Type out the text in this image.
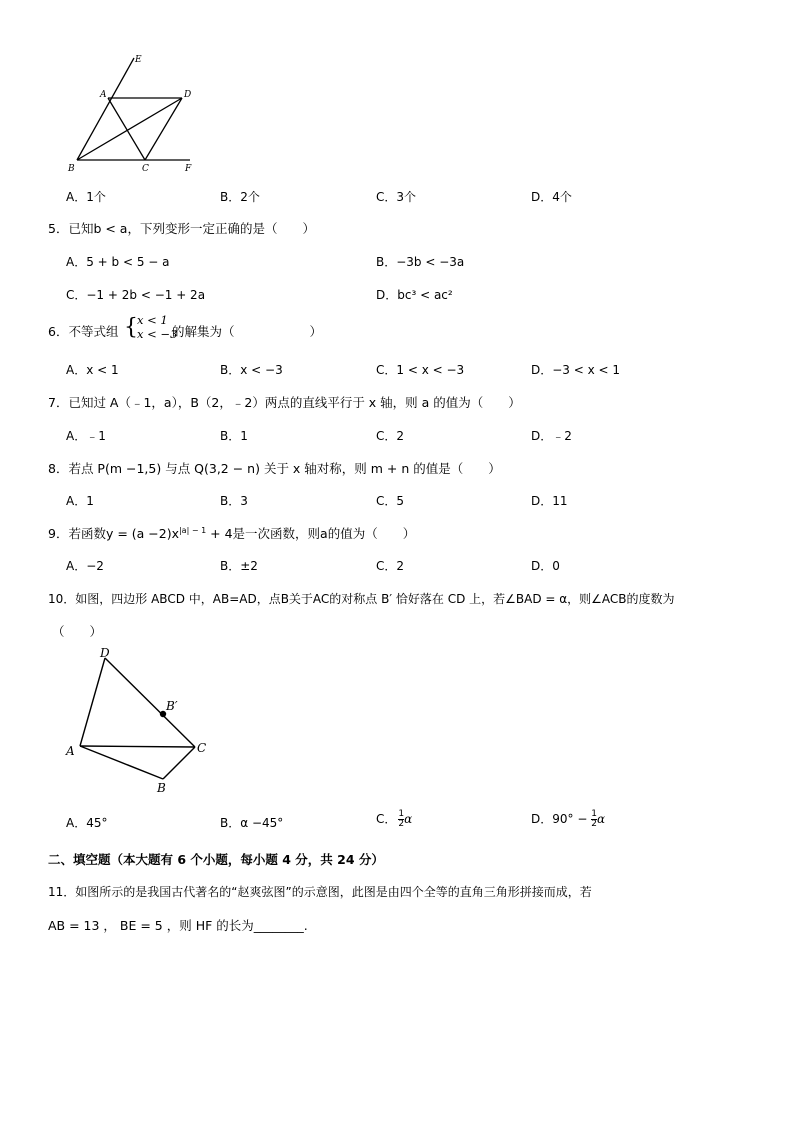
E
A	D
B	C	F
A．1个	B．2个	C．3个	D．4个
5．已知b < a，下列变形一定正确的是（　　）
A．5 + b < 5 − a	B．−3b < −3a
C．−1 + 2b < −1 + 2a	D．bc³ < ac²
6．不等式组 { x < 1
x < −3
的解集为（　　　　　　）
A．x < 1	B．x < −3	C．1 < x < −3	D．−3 < x < 1
7．已知过 A（﹣1，a），B（2，﹣2）两点的直线平行于 x 轴，则 a 的值为（　　）
A．﹣1	B．1	C．2	D．﹣2
8．若点 P(m −1,5) 与点 Q(3,2 − n) 关于 x 轴对称，则 m + n 的值是（　　）
A．1	B．3	C．5	D．11
9．若函数$y = (a -2)x^{|a| - 1} + 4$是一次函数，则a的值为（　　）
A．−2	B．±2	C．2	D．0
10．如图，四边形 ABCD 中，AB=AD，点B关于AC的对称点 B′ 恰好落在 CD 上，若∠BAD = α，则∠ACB的度数为
（　　）
D
B′
A	C
B
A．45°	B．α −45°	C． $\frac{1}{2}$ α	D．$90^\circ - \frac{1}{2}$ α
二、填空题（本大题有 6 个小题，每小题 4 分，共 24 分）
11．如图所示的是我国古代著名的“赵爽弦图”的示意图，此图是由四个全等的直角三角形拼接而成，若
AB = 13 ， BE = 5 ，则 HF 的长为________.
